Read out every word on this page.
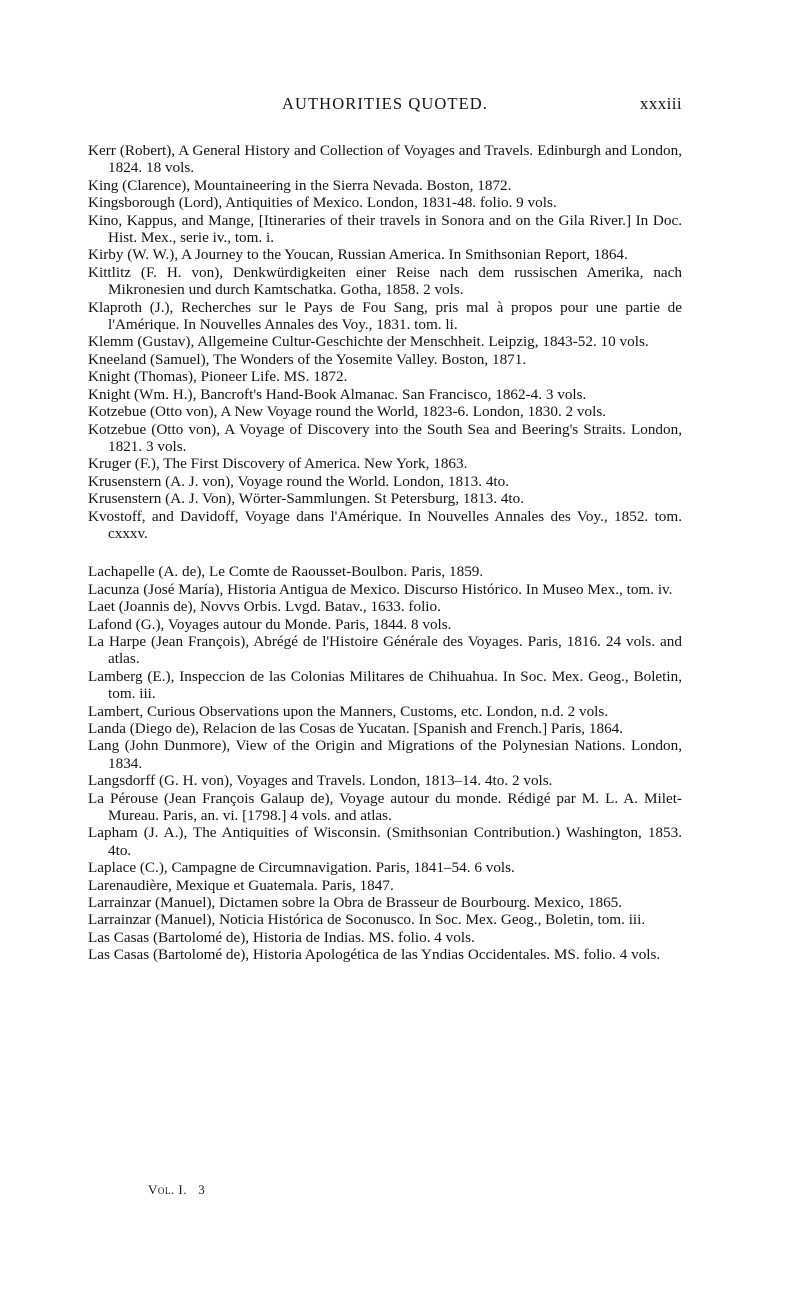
AUTHORITIES QUOTED.	xxxiii
Kerr (Robert), A General History and Collection of Voyages and Travels. Edinburgh and London, 1824. 18 vols.
King (Clarence), Mountaineering in the Sierra Nevada. Boston, 1872.
Kingsborough (Lord), Antiquities of Mexico. London, 1831-48. folio. 9 vols.
Kino, Kappus, and Mange, [Itineraries of their travels in Sonora and on the Gila River.] In Doc. Hist. Mex., serie iv., tom. i.
Kirby (W. W.), A Journey to the Youcan, Russian America. In Smithsonian Report, 1864.
Kittlitz (F. H. von), Denkwürdigkeiten einer Reise nach dem russischen Amerika, nach Mikronesien und durch Kamtschatka. Gotha, 1858. 2 vols.
Klaproth (J.), Recherches sur le Pays de Fou Sang, pris mal à propos pour une partie de l'Amérique. In Nouvelles Annales des Voy., 1831. tom. li.
Klemm (Gustav), Allgemeine Cultur-Geschichte der Menschheit. Leipzig, 1843-52. 10 vols.
Kneeland (Samuel), The Wonders of the Yosemite Valley. Boston, 1871.
Knight (Thomas), Pioneer Life. MS. 1872.
Knight (Wm. H.), Bancroft's Hand-Book Almanac. San Francisco, 1862-4. 3 vols.
Kotzebue (Otto von), A New Voyage round the World, 1823-6. London, 1830. 2 vols.
Kotzebue (Otto von), A Voyage of Discovery into the South Sea and Beering's Straits. London, 1821. 3 vols.
Kruger (F.), The First Discovery of America. New York, 1863.
Krusenstern (A. J. von), Voyage round the World. London, 1813. 4to.
Krusenstern (A. J. Von), Wörter-Sammlungen. St Petersburg, 1813. 4to.
Kvostoff, and Davidoff, Voyage dans l'Amérique. In Nouvelles Annales des Voy., 1852. tom. cxxxv.
Lachapelle (A. de), Le Comte de Raousset-Boulbon. Paris, 1859.
Lacunza (José María), Historia Antigua de Mexico. Discurso Histórico. In Museo Mex., tom. iv.
Laet (Joannis de), Novvs Orbis. Lvgd. Batav., 1633. folio.
Lafond (G.), Voyages autour du Monde. Paris, 1844. 8 vols.
La Harpe (Jean François), Abrégé de l'Histoire Générale des Voyages. Paris, 1816. 24 vols. and atlas.
Lamberg (E.), Inspeccion de las Colonias Militares de Chihuahua. In Soc. Mex. Geog., Boletin, tom. iii.
Lambert, Curious Observations upon the Manners, Customs, etc. London, n.d. 2 vols.
Landa (Diego de), Relacion de las Cosas de Yucatan. [Spanish and French.] Paris, 1864.
Lang (John Dunmore), View of the Origin and Migrations of the Polynesian Nations. London, 1834.
Langsdorff (G. H. von), Voyages and Travels. London, 1813–14. 4to. 2 vols.
La Pérouse (Jean François Galaup de), Voyage autour du monde. Rédigé par M. L. A. Milet-Mureau. Paris, an. vi. [1798.] 4 vols. and atlas.
Lapham (J. A.), The Antiquities of Wisconsin. (Smithsonian Contribution.) Washington, 1853. 4to.
Laplace (C.), Campagne de Circumnavigation. Paris, 1841–54. 6 vols.
Larenaudière, Mexique et Guatemala. Paris, 1847.
Larrainzar (Manuel), Dictamen sobre la Obra de Brasseur de Bourbourg. Mexico, 1865.
Larrainzar (Manuel), Noticia Histórica de Soconusco. In Soc. Mex. Geog., Boletin, tom. iii.
Las Casas (Bartolomé de), Historia de Indias. MS. folio. 4 vols.
Las Casas (Bartolomé de), Historia Apologética de las Yndias Occidentales. MS. folio. 4 vols.
Vol. I. 3
